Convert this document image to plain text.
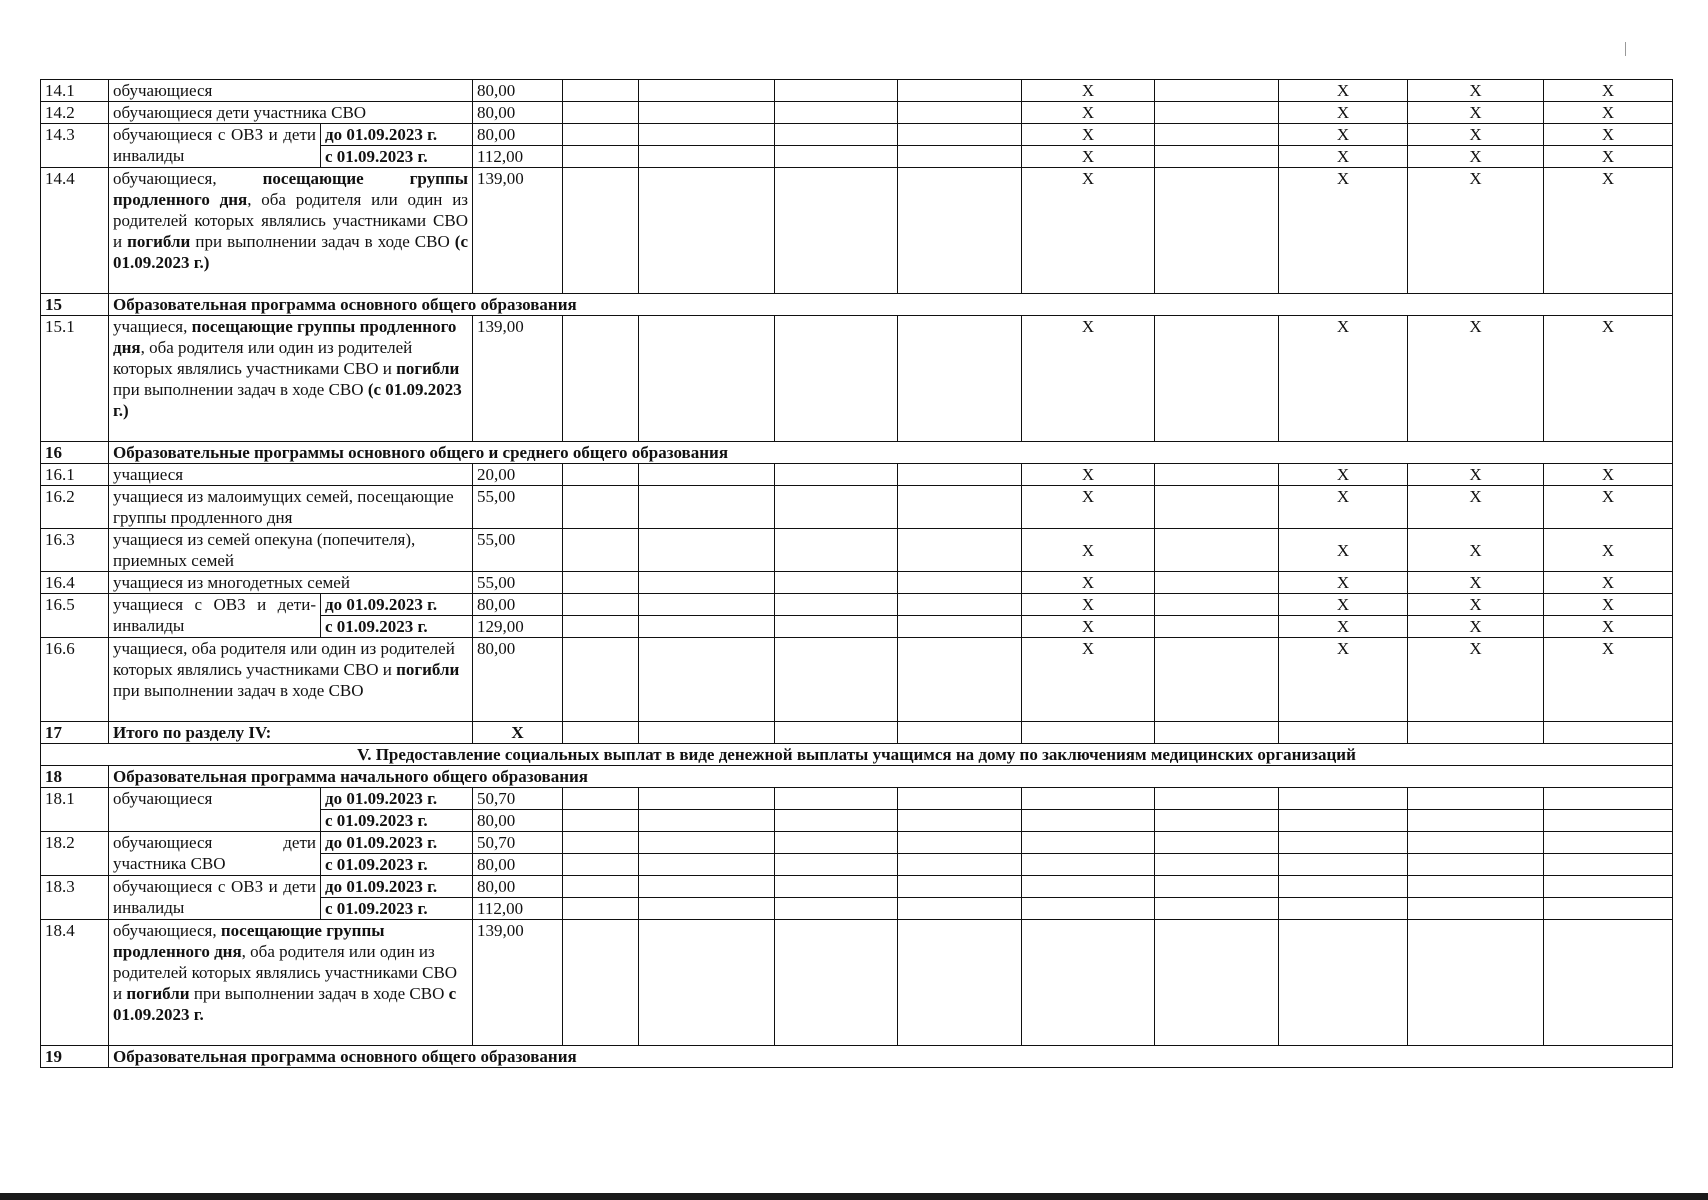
14.1	обучающиеся		80,00					X		X	X	X	
14.2	обучающиеся дети участника СВО		80,00					X		X	X	X	
14.3	обучающиеся с ОВЗ и дети инвалиды	до 01.09.2023 г.	80,00					X		X	X	X	
		с 01.09.2023 г.	112,00					X		X	X	X	
14.4	обучающиеся, посещающие группы продленного дня, оба родителя или один из родителей которых являлись участниками СВО и погибли при выполнении задач в ходе СВО (с 01.09.2023 г.)		139,00					X		X	X	X	
15	Образовательная программа основного общего образования												
15.1	учащиеся, посещающие группы продленного дня, оба родителя или один из родителей которых являлись участниками СВО и погибли при выполнении задач в ходе СВО (с 01.09.2023 г.)		139,00					X		X	X	X	
16	Образовательные программы основного общего и среднего общего образования												
16.1	учащиеся		20,00					X		X	X	X	
16.2	учащиеся из малоимущих семей, посещающие группы продленного дня		55,00					X		X	X	X	
16.3	учащиеся из семей опекуна (попечителя), приемных семей		55,00					X		X	X	X	
16.4	учащиеся из многодетных семей		55,00					X		X	X	X	
16.5	учащиеся с ОВЗ и дети-инвалиды	до 01.09.2023 г.	80,00					X		X	X	X	
		с 01.09.2023 г.	129,00					X		X	X	X	
16.6	учащиеся, оба родителя или один из родителей которых являлись участниками СВО и погибли при выполнении задач в ходе СВО		80,00					X		X	X	X	
17	Итого по разделу IV:		X										
V. Предоставление социальных выплат в виде денежной выплаты учащимся на дому по заключениям медицинских организаций													
18	Образовательная программа начального общего образования												
18.1	обучающиеся	до 01.09.2023 г.	50,70										
		с 01.09.2023 г.	80,00										
18.2	обучающиеся дети участника СВО	до 01.09.2023 г.	50,70										
		с 01.09.2023 г.	80,00										
18.3	обучающиеся с ОВЗ и дети инвалиды	до 01.09.2023 г.	80,00										
		с 01.09.2023 г.	112,00										
18.4	обучающиеся, посещающие группы продленного дня, оба родителя или один из родителей которых являлись участниками СВО и погибли при выполнении задач в ходе СВО с 01.09.2023 г.		139,00										
19	Образовательная программа основного общего образования												
